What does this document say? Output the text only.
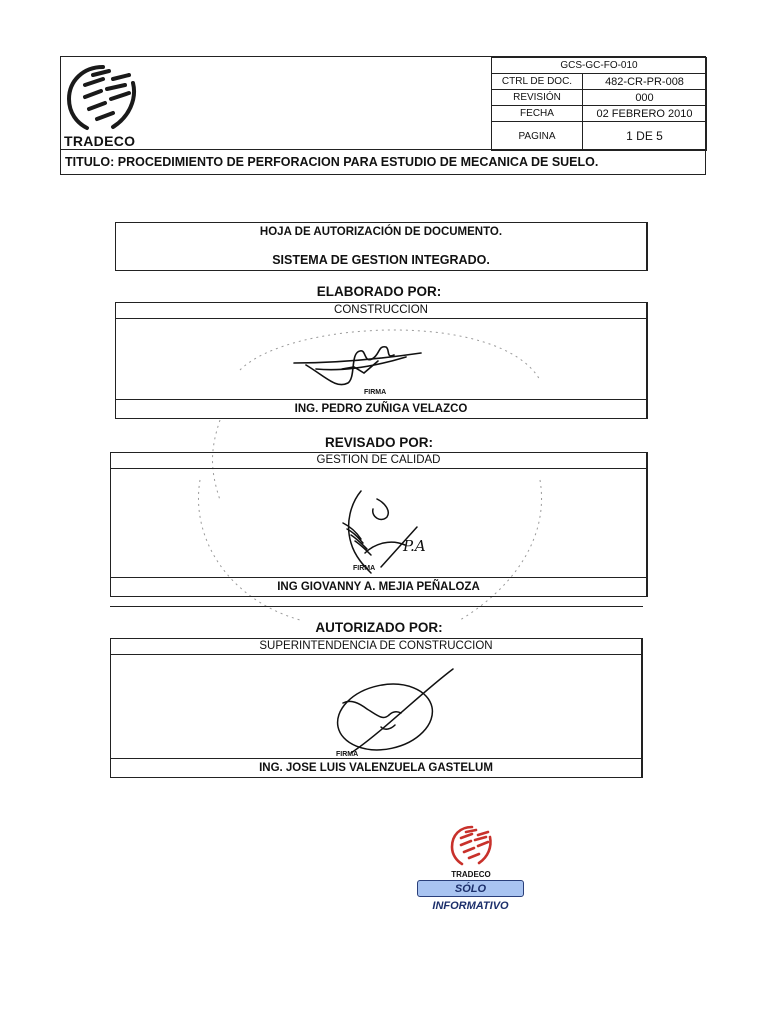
TRADECO
GCS-GC-FO-010	
CTRL DE DOC.	482-CR-PR-008
REVISIÓN	000
FECHA	02 FEBRERO 2010
PAGINA	1 DE 5
TITULO: PROCEDIMIENTO DE PERFORACION PARA ESTUDIO DE MECANICA DE SUELO.
HOJA DE AUTORIZACIÓN DE DOCUMENTO.
SISTEMA DE GESTION INTEGRADO.
ELABORADO POR:
CONSTRUCCION
FIRMA
ING. PEDRO ZUÑIGA VELAZCO
REVISADO POR:
GESTION DE CALIDAD
FIRMA
P.A
ING GIOVANNY A. MEJIA PEÑALOZA
AUTORIZADO POR:
SUPERINTENDENCIA DE CONSTRUCCION
FIRMA
ING. JOSE LUIS VALENZUELA GASTELUM
TRADECO
SÓLO INFORMATIVO
